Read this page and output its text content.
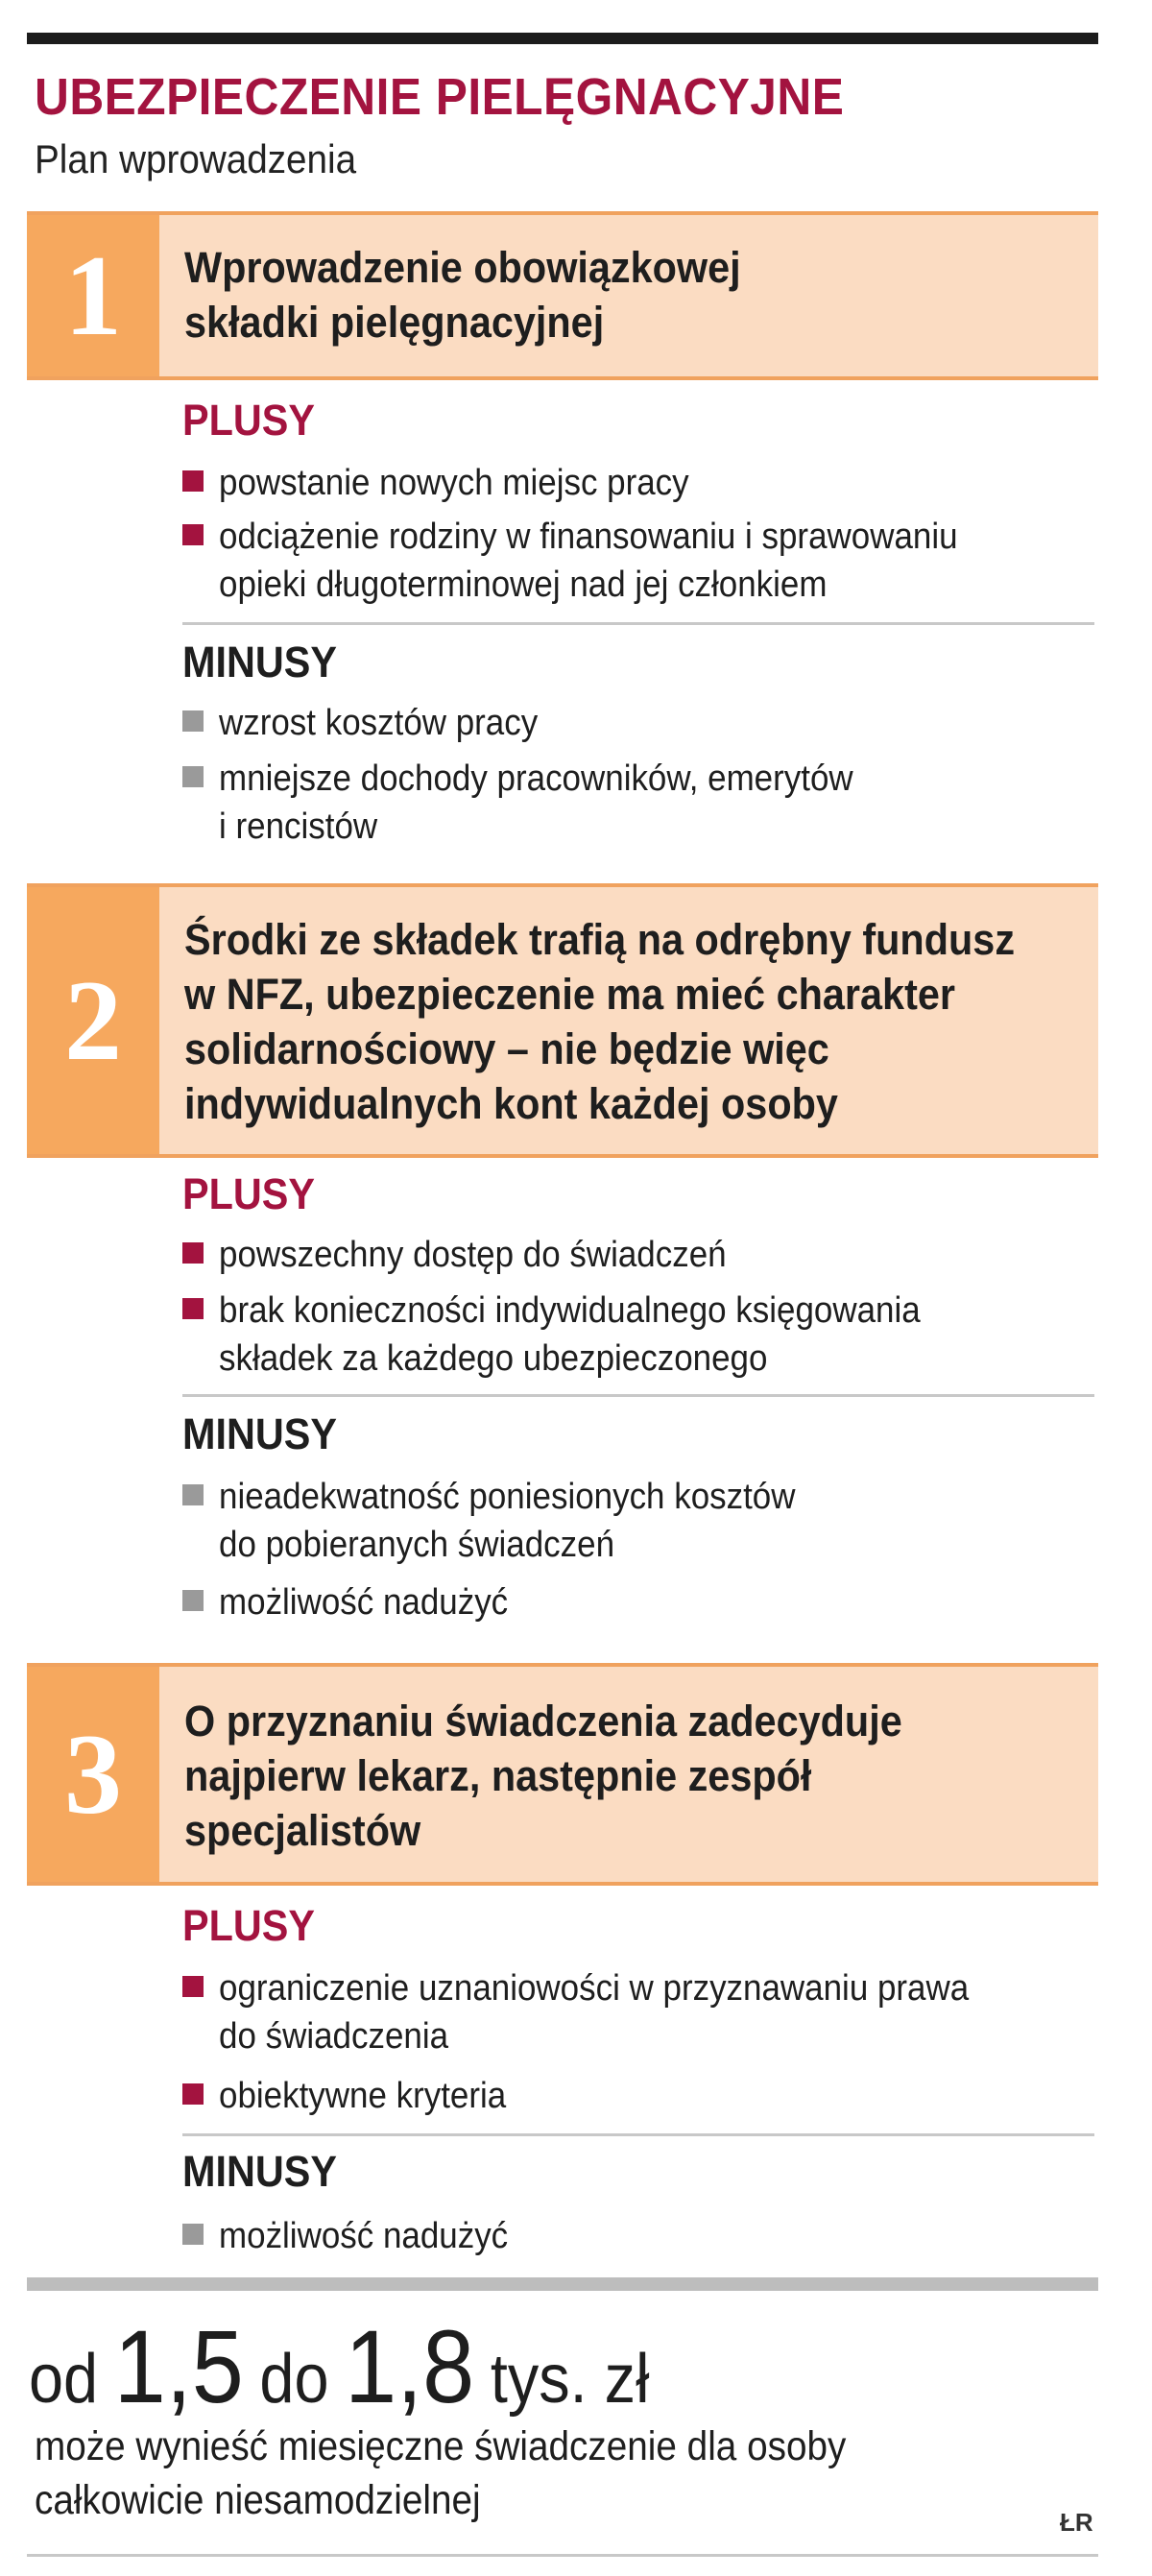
UBEZPIECZENIE PIELĘGNACYJNE
Plan wprowadzenia
1 Wprowadzenie obowiązkowej
składki pielęgnacyjnej
PLUSY
powstanie nowych miejsc pracy
odciążenie rodziny w finansowaniu i sprawowaniu
opieki długoterminowej nad jej członkiem
MINUSY
wzrost kosztów pracy
mniejsze dochody pracowników, emerytów
i rencistów
2
Środki ze składek trafią na odrębny fundusz
w NFZ, ubezpieczenie ma mieć charakter
solidarnościowy – nie będzie więc
indywidualnych kont każdej osoby
PLUSY
powszechny dostęp do świadczeń
brak konieczności indywidualnego księgowania
składek za każdego ubezpieczonego
MINUSY
nieadekwatność poniesionych kosztów
do pobieranych świadczeń
możliwość nadużyć
3 O przyznaniu świadczenia zadecyduje
najpierw lekarz, następnie zespół
specjalistów
PLUSY
ograniczenie uznaniowości w przyznawaniu prawa
do świadczenia
obiektywne kryteria
MINUSY
możliwość nadużyć
od 1,5 do 1,8 tys. zł
może wynieść miesięczne świadczenie dla osoby
całkowicie niesamodzielnej	ŁR
